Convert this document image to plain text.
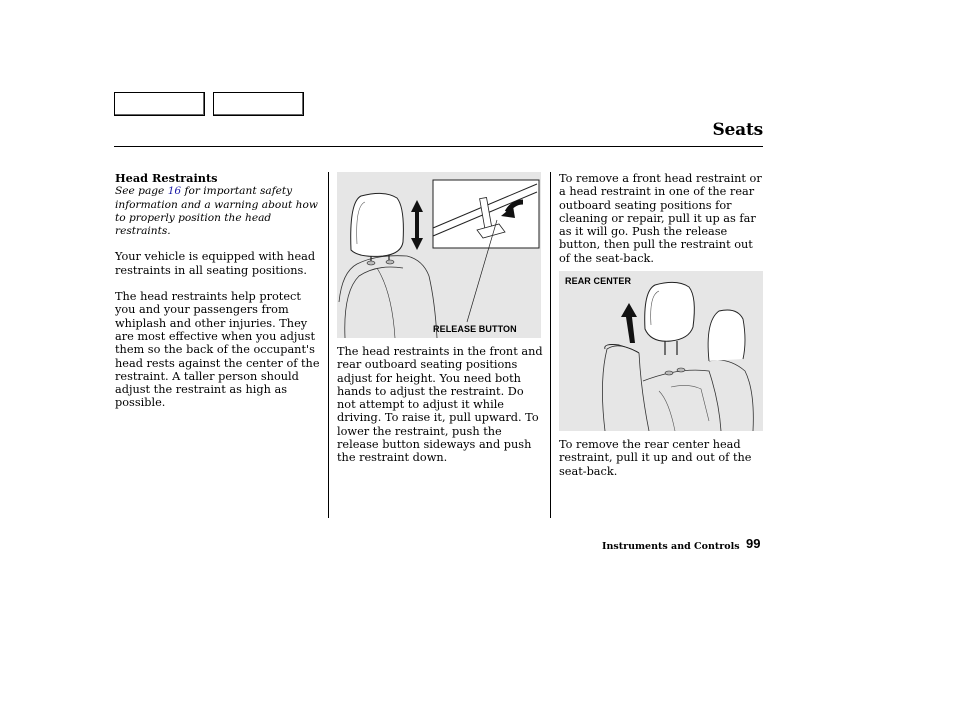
Seats
Head Restraints
See page 16 for important safety information and a warning about how to properly position the head restraints.
Your vehicle is equipped with head restraints in all seating positions.
The head restraints help protect you and your passengers from whiplash and other injuries. They are most effective when you adjust them so the back of the occupant's head rests against the center of the restraint. A taller person should adjust the restraint as high as possible.
RELEASE BUTTON
The head restraints in the front and rear outboard seating positions adjust for height. You need both hands to adjust the restraint. Do not attempt to adjust it while driving. To raise it, pull upward. To lower the restraint, push the release button sideways and push the restraint down.
To remove a front head restraint or a head restraint in one of the rear outboard seating positions for cleaning or repair, pull it up as far as it will go. Push the release button, then pull the restraint out of the seat-back.
REAR CENTER
To remove the rear center head restraint, pull it up and out of the seat-back.
Instruments and Controls 99
